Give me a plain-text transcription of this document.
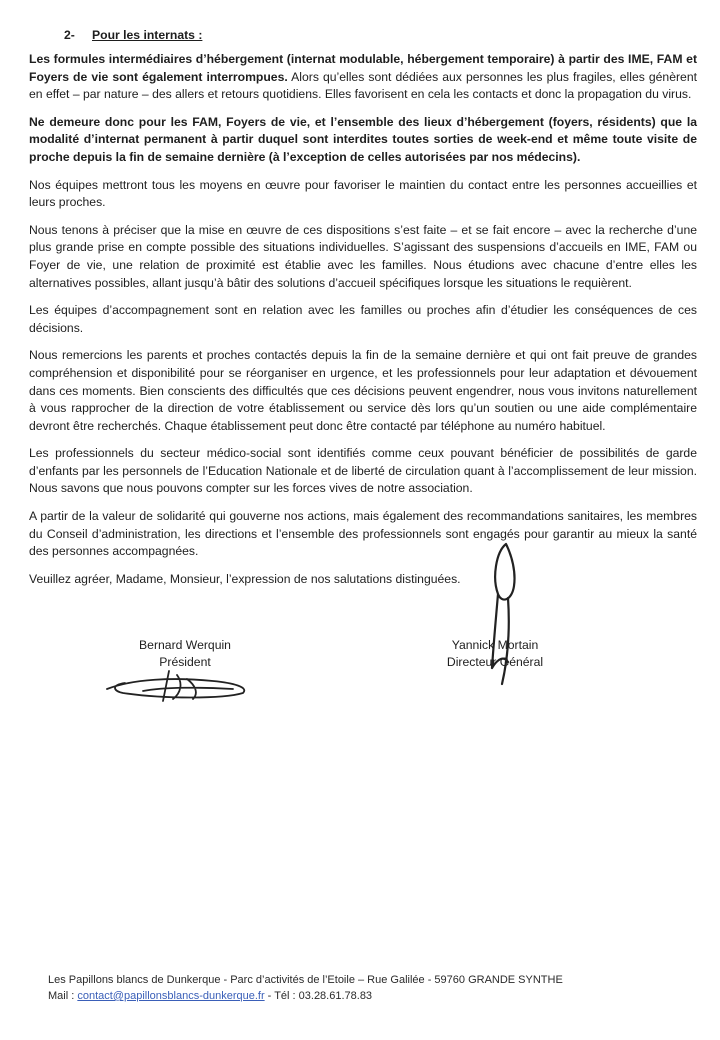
2- Pour les internats :

Les formules intermédiaires d’hébergement (internat modulable, hébergement temporaire) à partir des IME, FAM et Foyers de vie sont également interrompues. Alors qu’elles sont dédiées aux personnes les plus fragiles, elles génèrent en effet – par nature – des allers et retours quotidiens. Elles favorisent en cela les contacts et donc la propagation du virus.

Ne demeure donc pour les FAM, Foyers de vie, et l’ensemble des lieux d’hébergement (foyers, résidents) que la modalité d’internat permanent à partir duquel sont interdites toutes sorties de week-end et même toute visite de proche depuis la fin de semaine dernière (à l’exception de celles autorisées par nos médecins).

Nos équipes mettront tous les moyens en œuvre pour favoriser le maintien du contact entre les personnes accueillies et leurs proches.

Nous tenons à préciser que la mise en œuvre de ces dispositions s’est faite – et se fait encore – avec la recherche d’une plus grande prise en compte possible des situations individuelles. S’agissant des suspensions d’accueils en IME, FAM ou Foyer de vie, une relation de proximité est établie avec les familles. Nous étudions avec chacune d’entre elles les alternatives possibles, allant jusqu’à bâtir des solutions d’accueil spécifiques lorsque les situations le requièrent.

Les équipes d’accompagnement sont en relation avec les familles ou proches afin d’étudier les conséquences de ces décisions.

Nous remercions les parents et proches contactés depuis la fin de la semaine dernière et qui ont fait preuve de grandes compréhension et disponibilité pour se réorganiser en urgence, et les professionnels pour leur adaptation et dévouement dans ces moments. Bien conscients des difficultés que ces décisions peuvent engendrer, nous vous invitons naturellement à vous rapprocher de la direction de votre établissement ou service dès lors qu’un soutien ou une aide complémentaire devront être recherchés. Chaque établissement peut donc être contacté par téléphone au numéro habituel.

Les professionnels du secteur médico-social sont identifiés comme ceux pouvant bénéficier de possibilités de garde d’enfants par les personnels de l’Education Nationale et de liberté de circulation quant à l’accomplissement de leur mission. Nous savons que nous pouvons compter sur les forces vives de notre association.

A partir de la valeur de solidarité qui gouverne nos actions, mais également des recommandations sanitaires, les membres du Conseil d’administration, les directions et l’ensemble des professionnels sont engagés pour garantir au mieux la santé des personnes accompagnées.

Veuillez agréer, Madame, Monsieur, l’expression de nos salutations distinguées.

Bernard Werquin
Président
Yannick Mortain
Directeur Général
Les Papillons blancs de Dunkerque - Parc d’activités de l’Etoile – Rue Galilée - 59760 GRANDE SYNTHE
Mail : contact@papillonsblancs-dunkerque.fr - Tél : 03.28.61.78.83
